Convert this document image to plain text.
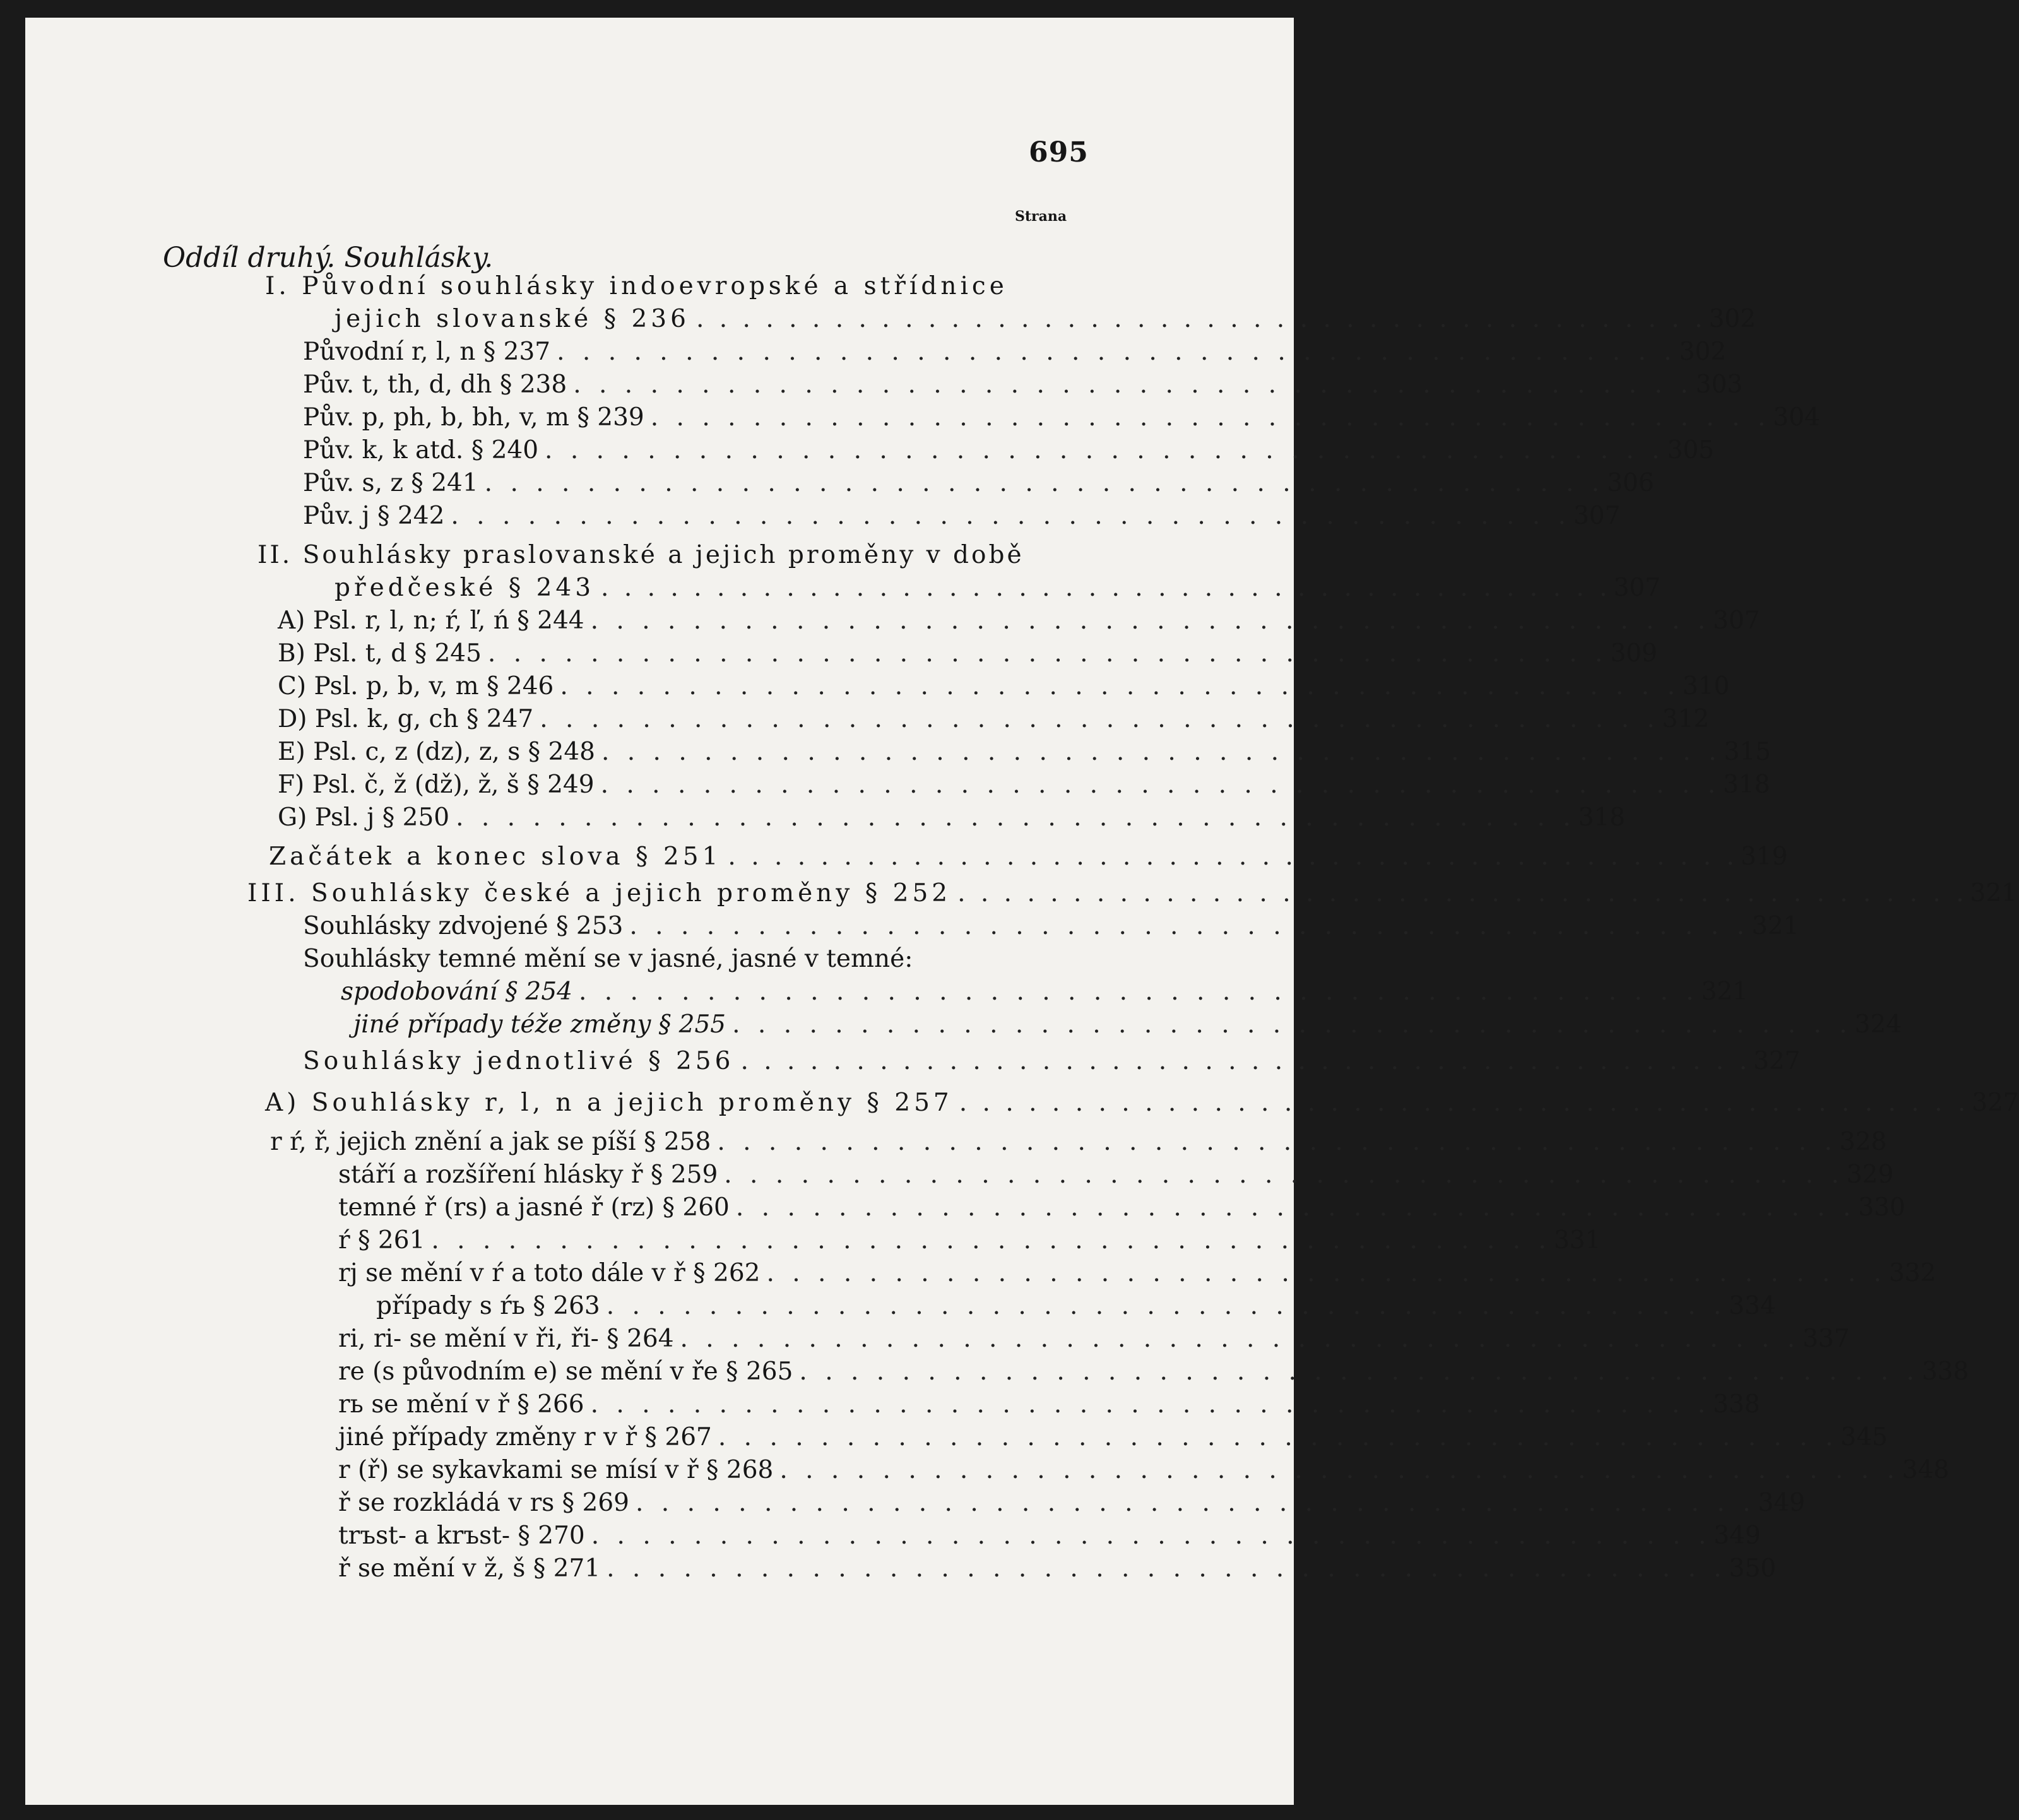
695
Strana
Oddíl druhý. Souhlásky.
I. Původní souhlásky indoevropské a střídnice
jejich slovanské § 236 . . . . . . . . . . . . . . . . . . . . . . . . . . . . . . . . . . . . . . . . . . . . 302
Původní r, l, n § 237 . . . . . . . . . . . . . . . . . . . . . . . . . . . . . . . . . . . . . . . . . . . . 302
Pův. t, th, d, dh § 238 . . . . . . . . . . . . . . . . . . . . . . . . . . . . . . . . . . . . . . . . . . . . 303
Pův. p, ph, b, bh, v, m § 239 . . . . . . . . . . . . . . . . . . . . . . . . . . . . . . . . . . . . . . . . . . . . 304
Pův. k, k atd. § 240 . . . . . . . . . . . . . . . . . . . . . . . . . . . . . . . . . . . . . . . . . . . . 305
Pův. s, z § 241 . . . . . . . . . . . . . . . . . . . . . . . . . . . . . . . . . . . . . . . . . . . . 306
Pův. j § 242 . . . . . . . . . . . . . . . . . . . . . . . . . . . . . . . . . . . . . . . . . . . . 307
II. Souhlásky praslovanské a jejich proměny v době
předčeské § 243 . . . . . . . . . . . . . . . . . . . . . . . . . . . . . . . . . . . . . . . . . . . . 307
A) Psl. r, l, n; ŕ, ľ, ń § 244 . . . . . . . . . . . . . . . . . . . . . . . . . . . . . . . . . . . . . . . . . . . . 307
B) Psl. t, d § 245 . . . . . . . . . . . . . . . . . . . . . . . . . . . . . . . . . . . . . . . . . . . . 309
C) Psl. p, b, v, m § 246 . . . . . . . . . . . . . . . . . . . . . . . . . . . . . . . . . . . . . . . . . . . . 310
D) Psl. k, g, ch § 247 . . . . . . . . . . . . . . . . . . . . . . . . . . . . . . . . . . . . . . . . . . . . 312
E) Psl. c, z (dz), z, s § 248 . . . . . . . . . . . . . . . . . . . . . . . . . . . . . . . . . . . . . . . . . . . . 315
F) Psl. č, ž (dž), ž, š § 249 . . . . . . . . . . . . . . . . . . . . . . . . . . . . . . . . . . . . . . . . . . . . 318
G) Psl. j § 250 . . . . . . . . . . . . . . . . . . . . . . . . . . . . . . . . . . . . . . . . . . . . 318
Začátek a konec slova § 251 . . . . . . . . . . . . . . . . . . . . . . . . . . . . . . . . . . . . . . . . . . . . 319
III. Souhlásky české a jejich proměny § 252 . . . . . . . . . . . . . . . . . . . . . . . . . . . . . . . . . . . . . . . . . . . . 321
Souhlásky zdvojené § 253 . . . . . . . . . . . . . . . . . . . . . . . . . . . . . . . . . . . . . . . . . . . . 321
Souhlásky temné mění se v jasné, jasné v temné:
spodobování § 254 . . . . . . . . . . . . . . . . . . . . . . . . . . . . . . . . . . . . . . . . . . . . 321
jiné případy téže změny § 255 . . . . . . . . . . . . . . . . . . . . . . . . . . . . . . . . . . . . . . . . . . . . 324
Souhlásky jednotlivé § 256 . . . . . . . . . . . . . . . . . . . . . . . . . . . . . . . . . . . . . . . . . . . . 327
A) Souhlásky r, l, n a jejich proměny § 257 . . . . . . . . . . . . . . . . . . . . . . . . . . . . . . . . . . . . . . . . . . . . 327
r ŕ, ř, jejich znění a jak se píší § 258 . . . . . . . . . . . . . . . . . . . . . . . . . . . . . . . . . . . . . . . . . . . . 328
stáří a rozšíření hlásky ř § 259 . . . . . . . . . . . . . . . . . . . . . . . . . . . . . . . . . . . . . . . . . . . . 329
temné ř (rs) a jasné ř (rz) § 260 . . . . . . . . . . . . . . . . . . . . . . . . . . . . . . . . . . . . . . . . . . . . 330
ŕ § 261 . . . . . . . . . . . . . . . . . . . . . . . . . . . . . . . . . . . . . . . . . . . . 331
rj se mění v ŕ a toto dále v ř § 262 . . . . . . . . . . . . . . . . . . . . . . . . . . . . . . . . . . . . . . . . . . . . 332
případy s ŕь § 263 . . . . . . . . . . . . . . . . . . . . . . . . . . . . . . . . . . . . . . . . . . . . 334
ri, ri- se mění v ři, ři- § 264 . . . . . . . . . . . . . . . . . . . . . . . . . . . . . . . . . . . . . . . . . . . . 337
re (s původním e) se mění v ře § 265 . . . . . . . . . . . . . . . . . . . . . . . . . . . . . . . . . . . . . . . . . . . . 338
rь se mění v ř § 266 . . . . . . . . . . . . . . . . . . . . . . . . . . . . . . . . . . . . . . . . . . . . 338
jiné případy změny r v ř § 267 . . . . . . . . . . . . . . . . . . . . . . . . . . . . . . . . . . . . . . . . . . . . 345
r (ř) se sykavkami se mísí v ř § 268 . . . . . . . . . . . . . . . . . . . . . . . . . . . . . . . . . . . . . . . . . . . . 348
ř se rozkládá v rs § 269 . . . . . . . . . . . . . . . . . . . . . . . . . . . . . . . . . . . . . . . . . . . . 349
trъst- a krъst- § 270 . . . . . . . . . . . . . . . . . . . . . . . . . . . . . . . . . . . . . . . . . . . . 349
ř se mění v ž, š § 271 . . . . . . . . . . . . . . . . . . . . . . . . . . . . . . . . . . . . . . . . . . . . 350
